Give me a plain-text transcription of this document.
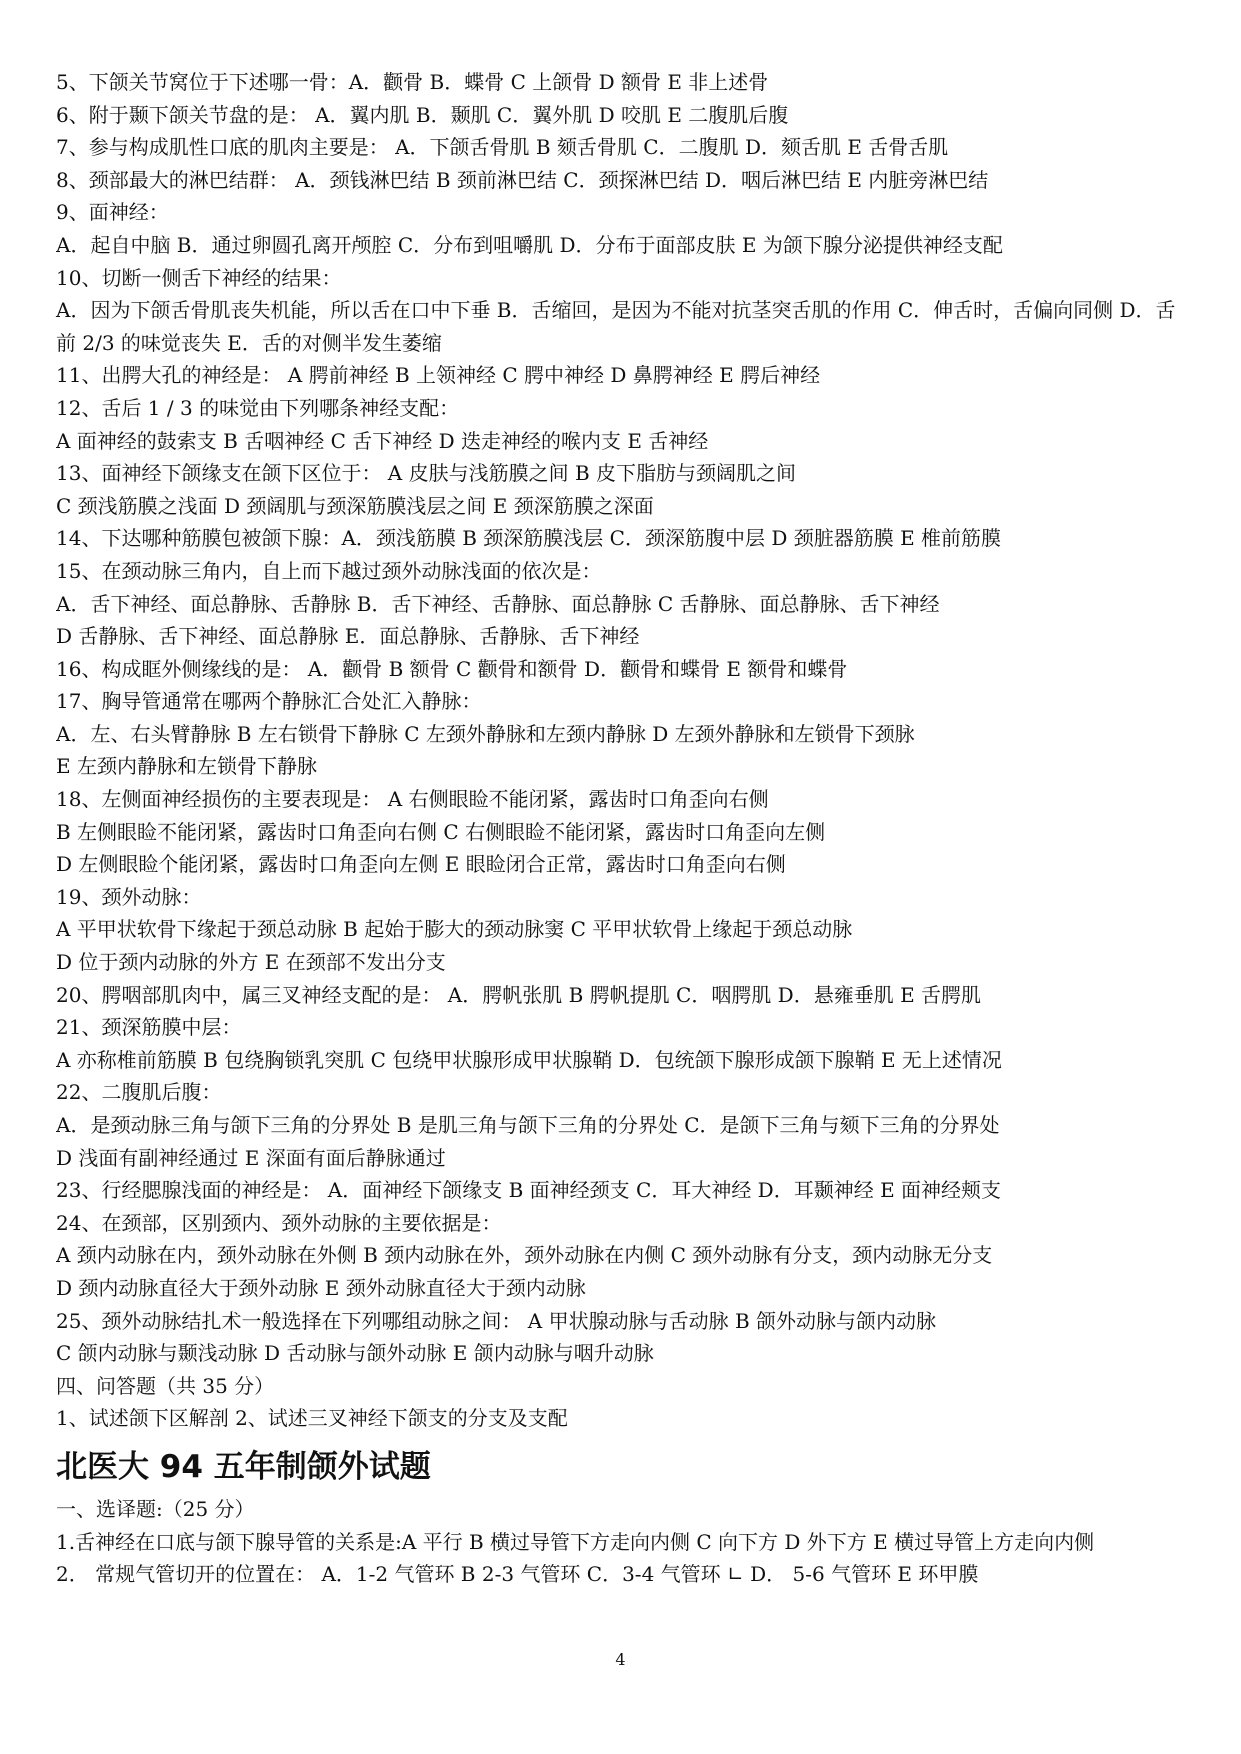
5、下颌关节窝位于下述哪一骨：A．颧骨 B．蝶骨 C 上颌骨 D 额骨 E 非上述骨
6、附于颞下颌关节盘的是： A．翼内肌 B．颞肌 C．翼外肌 D 咬肌 E 二腹肌后腹
7、参与构成肌性口底的肌肉主要是： A．下颌舌骨肌 B 颏舌骨肌 C．二腹肌 D．颏舌肌 E 舌骨舌肌
8、颈部最大的淋巴结群： A．颈钱淋巴结 B 颈前淋巴结 C．颈探淋巴结 D．咽后淋巴结 E 内脏旁淋巴结
9、面神经：
A．起自中脑 B．通过卵圆孔离开颅腔 C．分布到咀嚼肌 D．分布于面部皮肤 E 为颌下腺分泌提供神经支配
10、切断一侧舌下神经的结果：
A．因为下颌舌骨肌丧失机能，所以舌在口中下垂 B．舌缩回，是因为不能对抗茎突舌肌的作用 C．伸舌时，舌偏向同侧 D．舌前 2/3 的味觉丧失 E．舌的对侧半发生萎缩
11、出腭大孔的神经是： A 腭前神经 B 上领神经 C 腭中神经 D 鼻腭神经 E 腭后神经
12、舌后 1 / 3 的味觉由下列哪条神经支配：
A 面神经的鼓索支 B 舌咽神经 C 舌下神经 D 迭走神经的喉内支 E 舌神经
13、面神经下颌缘支在颌下区位于： A 皮肤与浅筋膜之间 B 皮下脂肪与颈阔肌之间
C 颈浅筋膜之浅面 D 颈阔肌与颈深筋膜浅层之间 E 颈深筋膜之深面
14、下达哪种筋膜包被颌下腺：A．颈浅筋膜 B 颈深筋膜浅层 C．颈深筋腹中层 D 颈脏器筋膜 E 椎前筋膜
15、在颈动脉三角内，自上而下越过颈外动脉浅面的依次是：
A．舌下神经、面总静脉、舌静脉 B．舌下神经、舌静脉、面总静脉 C 舌静脉、面总静脉、舌下神经
D 舌静脉、舌下神经、面总静脉 E．面总静脉、舌静脉、舌下神经
16、构成眶外侧缘线的是： A．颧骨 B 额骨 C 颧骨和额骨 D．颧骨和蝶骨 E 额骨和蝶骨
17、胸导管通常在哪两个静脉汇合处汇入静脉：
A．左、右头臂静脉 B 左右锁骨下静脉 C 左颈外静脉和左颈内静脉 D 左颈外静脉和左锁骨下颈脉
E 左颈内静脉和左锁骨下静脉
18、左侧面神经损伤的主要表现是： A 右侧眼睑不能闭紧，露齿时口角歪向右侧
B 左侧眼睑不能闭紧，露齿时口角歪向右侧 C 右侧眼睑不能闭紧，露齿时口角歪向左侧
D 左侧眼睑个能闭紧，露齿时口角歪向左侧 E 眼睑闭合正常，露齿时口角歪向右侧
19、颈外动脉：
A 平甲状软骨下缘起于颈总动脉 B 起始于膨大的颈动脉窦 C 平甲状软骨上缘起于颈总动脉
D 位于颈内动脉的外方 E 在颈部不发出分支
20、腭咽部肌肉中，属三叉神经支配的是： A．腭帆张肌 B 腭帆提肌 C．咽腭肌 D．悬雍垂肌 E 舌腭肌
21、颈深筋膜中层：
A 亦称椎前筋膜 B 包绕胸锁乳突肌 C 包绕甲状腺形成甲状腺鞘 D．包统颌下腺形成颌下腺鞘 E 无上述情况
22、二腹肌后腹：
A．是颈动脉三角与颌下三角的分界处 B 是肌三角与颌下三角的分界处 C．是颌下三角与颏下三角的分界处
D 浅面有副神经通过 E 深面有面后静脉通过
23、行经腮腺浅面的神经是： A．面神经下颌缘支 B 面神经颈支 C．耳大神经 D．耳颞神经 E 面神经颊支
24、在颈部，区别颈内、颈外动脉的主要依据是：
A 颈内动脉在内，颈外动脉在外侧 B 颈内动脉在外，颈外动脉在内侧 C 颈外动脉有分支，颈内动脉无分支
D 颈内动脉直径大于颈外动脉 E 颈外动脉直径大于颈内动脉
25、颈外动脉结扎术一般选择在下列哪组动脉之间： A 甲状腺动脉与舌动脉 B 颌外动脉与颌内动脉
C 颌内动脉与颞浅动脉 D 舌动脉与颌外动脉 E 颌内动脉与咽升动脉
四、问答题（共 35 分）
1、试述颌下区解剖 2、试述三叉神经下颌支的分支及支配
北医大 94 五年制颌外试题
一、选译题:（25 分）
1.舌神经在口底与颌下腺导管的关系是:A 平行 B 横过导管下方走向内侧 C 向下方 D 外下方 E 横过导管上方走向内侧
2． 常规气管切开的位置在： A．1-2 气管环 B 2-3 气管环 C．3-4 气管环 ∟ D． 5-6 气管环 E 环甲膜
4
